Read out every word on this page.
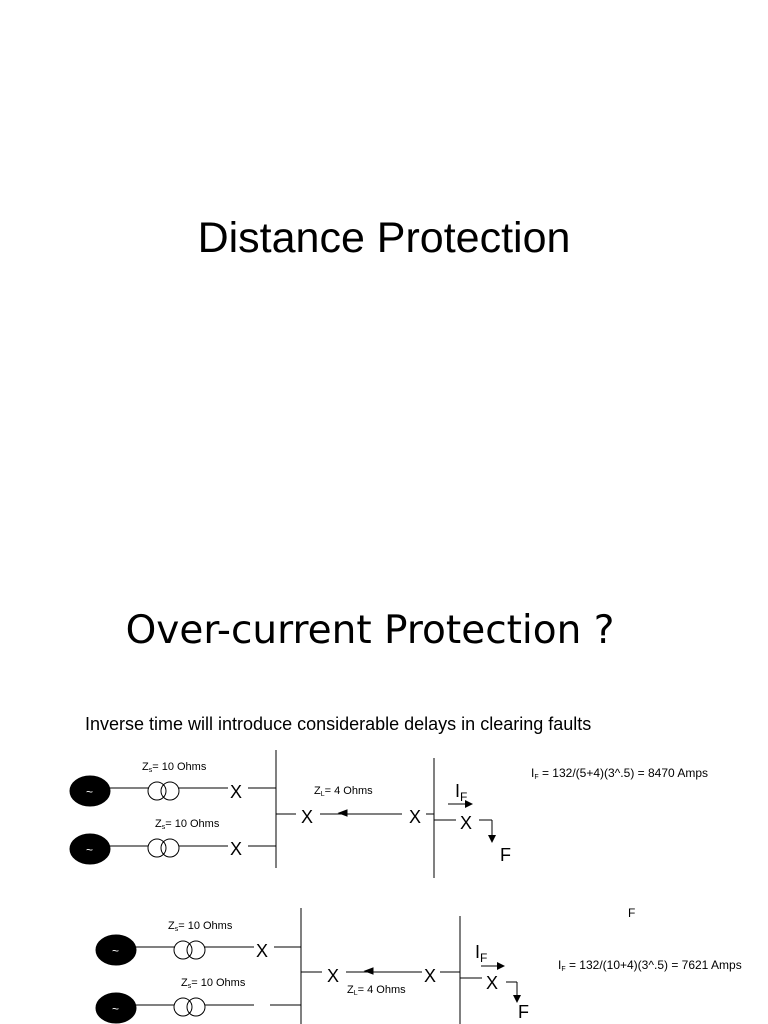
Distance Protection
Over-current Protection ?
Inverse time will introduce considerable delays in clearing faults
~
~
Zs= 10 Ohms
Zs= 10 Ohms
ZL= 4 Ohms
X
X
X	X X
$I_F$
F
IF = 132/(5+4)(3^.5) = 8470 Amps
~
~
Zs= 10 Ohms
Zs= 10 Ohms
ZL= 4 Ohms
X
X	X	X
$I_F$
F
F
IF = 132/(10+4)(3^.5) = 7621 Amps
